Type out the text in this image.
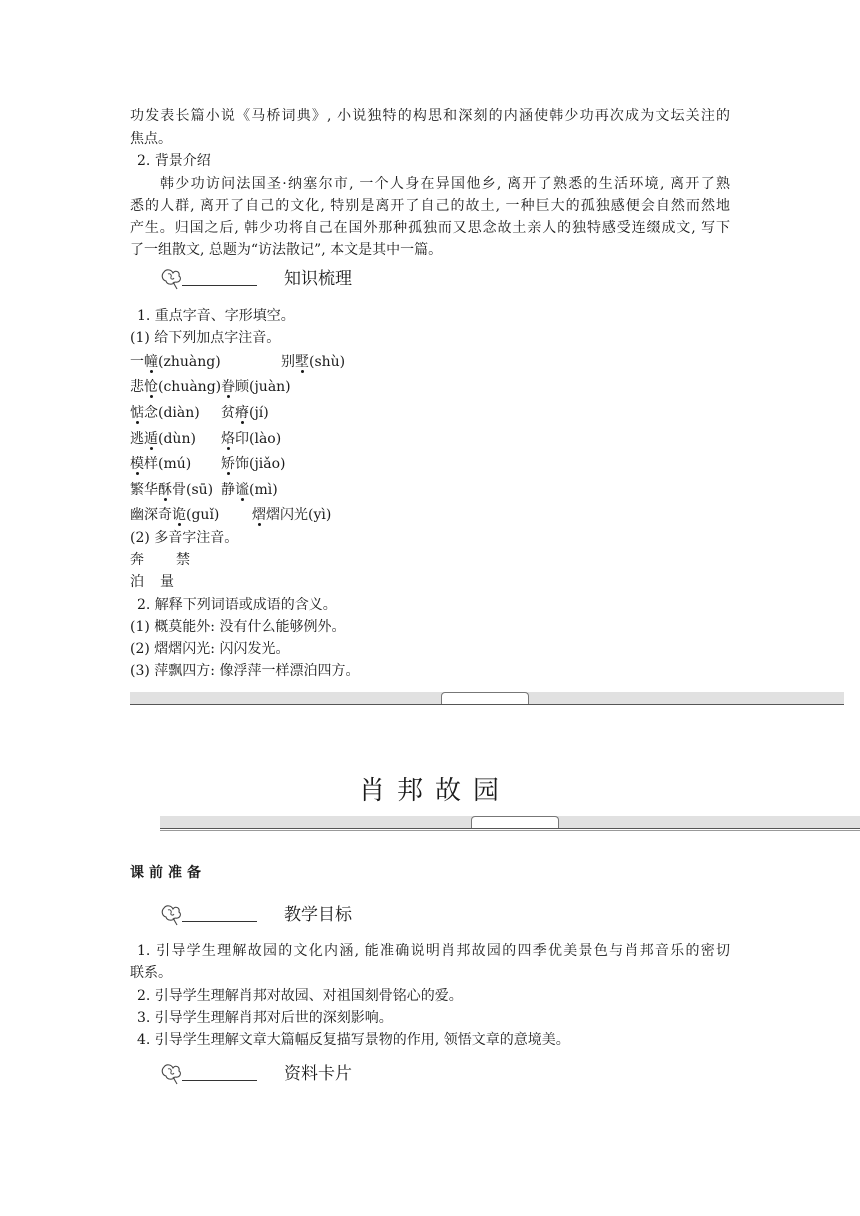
功发表长篇小说《马桥词典》, 小说独特的构思和深刻的内涵使韩少功再次成为文坛关注的
焦点。
2. 背景介绍
韩少功访问法国圣·纳塞尔市, 一个人身在异国他乡, 离开了熟悉的生活环境, 离开了熟
悉的人群, 离开了自己的文化, 特别是离开了自己的故土, 一种巨大的孤独感便会自然而然地
产生。归国之后, 韩少功将自己在国外那种孤独而又思念故土亲人的独特感受连缀成文, 写下
了一组散文, 总题为“访法散记”, 本文是其中一篇。
知识梳理
1. 重点字音、字形填空。
(1) 给下列加点字注音。
一幢(zhuàng)	别墅(shù)
悲怆(chuàng) 眷顾(juàn)
惦念(diàn) 贫瘠(jí)
逃遁(dùn) 烙印(lào)
模样(mú) 矫饰(jiǎo)
繁华酥骨(sū) 静谧(mì)
幽深奇诡(guǐ) 熠熠闪光(yì)
(2) 多音字注音。
奔 禁
泊 量
2. 解释下列词语或成语的含义。
(1) 概莫能外: 没有什么能够例外。
(2) 熠熠闪光: 闪闪发光。
(3) 萍飘四方: 像浮萍一样漂泊四方。
肖邦故园
课前准备
教学目标
1. 引导学生理解故园的文化内涵, 能准确说明肖邦故园的四季优美景色与肖邦音乐的密切
联系。
2. 引导学生理解肖邦对故园、对祖国刻骨铭心的爱。
3. 引导学生理解肖邦对后世的深刻影响。
4. 引导学生理解文章大篇幅反复描写景物的作用, 领悟文章的意境美。
资料卡片
